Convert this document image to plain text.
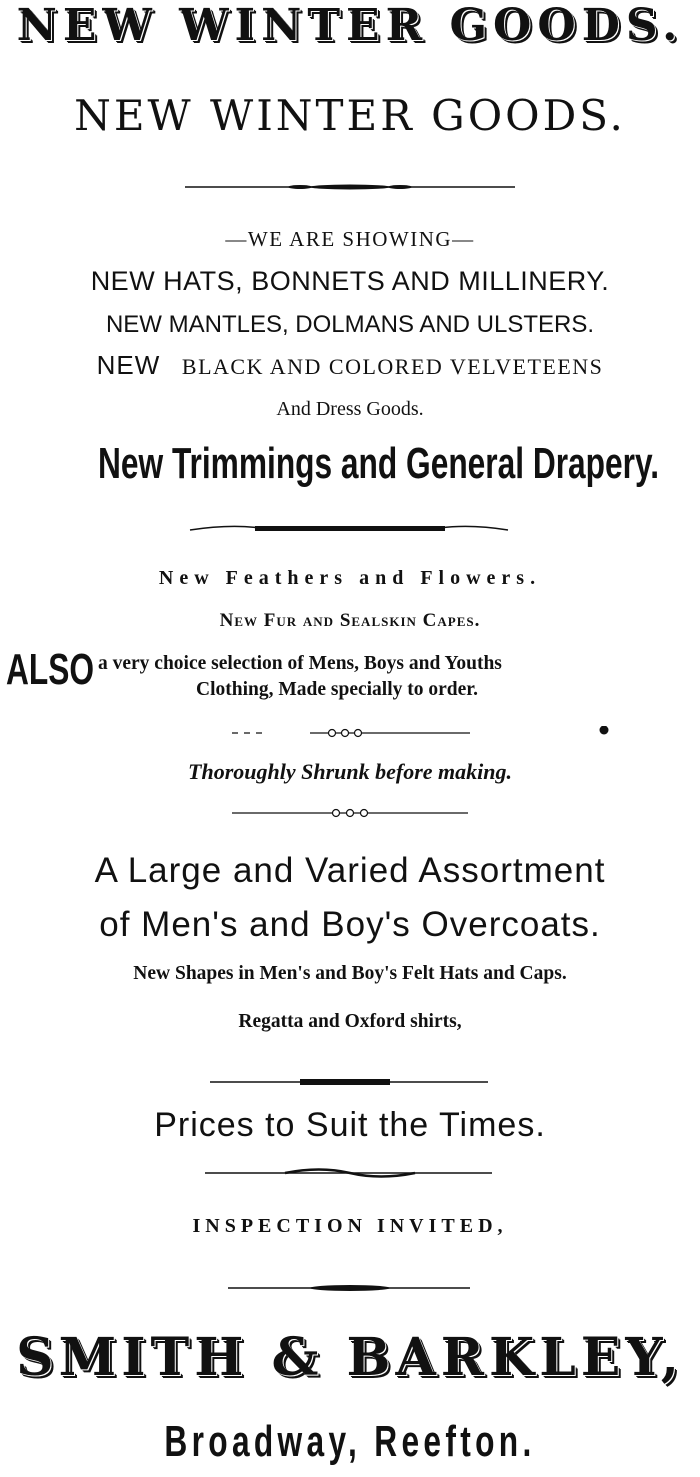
NEW WINTER GOODS.
NEW WINTER GOODS.
—WE ARE SHOWING—
NEW HATS, BONNETS AND MILLINERY.
NEW MANTLES, DOLMANS AND ULSTERS.
NEW BLACK AND COLORED VELVETEENS
And Dress Goods.
New Trimmings and General Drapery.
New Feathers and Flowers.
New Fur and Sealskin Capes.
ALSO a very choice selection of Mens, Boys and Youths
Clothing, Made specially to order.
Thoroughly Shrunk before making.
A Large and Varied Assortment
of Men's and Boy's Overcoats.
New Shapes in Men's and Boy's Felt Hats and Caps.
Regatta and Oxford shirts,
Prices to Suit the Times.
INSPECTION INVITED,
SMITH & BARKLEY,
Broadway, Reefton.
